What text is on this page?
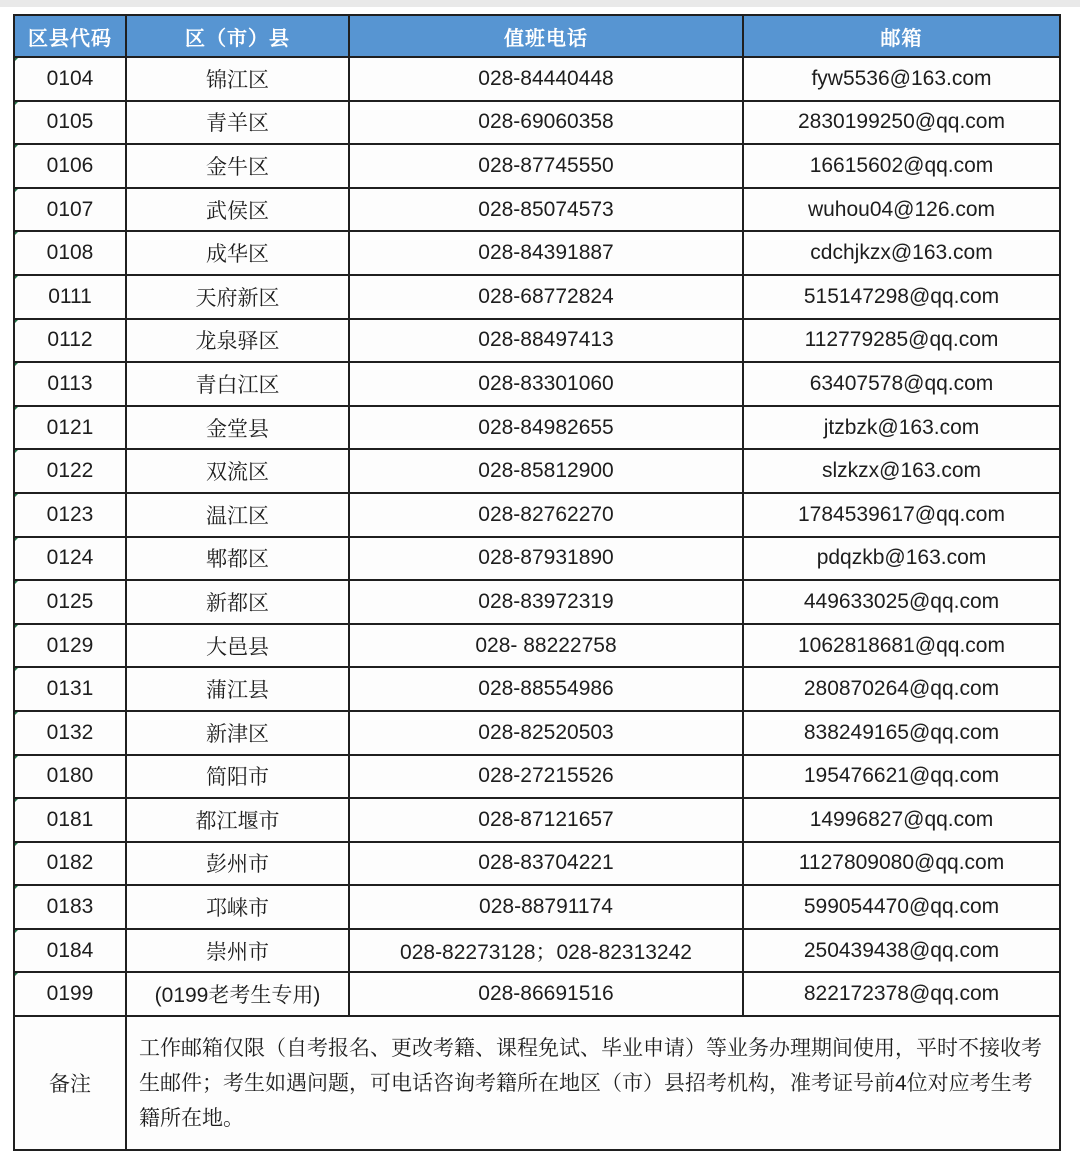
区县代码	区（市）县	值班电话	邮箱

0104	锦江区	028-84440448	fyw5536@163.com

0105	青羊区	028-69060358	2830199250@qq.com

0106	金牛区	028-87745550	16615602@qq.com

0107	武侯区	028-85074573	wuhou04@126.com

0108	成华区	028-84391887	cdchjkzx@163.com

0111	天府新区	028-68772824	515147298@qq.com

0112	龙泉驿区	028-88497413	112779285@qq.com

0113	青白江区	028-83301060	63407578@qq.com

0121	金堂县	028-84982655	jtzbzk@163.com

0122	双流区	028-85812900	slzkzx@163.com

0123	温江区	028-82762270	1784539617@qq.com

0124	郫都区	028-87931890	pdqzkb@163.com

0125	新都区	028-83972319	449633025@qq.com

0129	大邑县	028- 88222758	1062818681@qq.com

0131	蒲江县	028-88554986	280870264@qq.com

0132	新津区	028-82520503	838249165@qq.com

0180	简阳市	028-27215526	195476621@qq.com

0181	都江堰市	028-87121657	14996827@qq.com

0182	彭州市	028-83704221	1127809080@qq.com

0183	邛崃市	028-88791174	599054470@qq.com

0184	崇州市	028-82273128；028-82313242	250439438@qq.com

0199	(0199老考生专用)	028-86691516	822172378@qq.com
备注	工作邮箱仅限（自考报名、更改考籍、课程免试、毕业申请）等业务办理期间使用，平时不接收考生邮件；考生如遇问题，可电话咨询考籍所在地区（市）县招考机构，准考证号前4位对应考生考籍所在地。		
